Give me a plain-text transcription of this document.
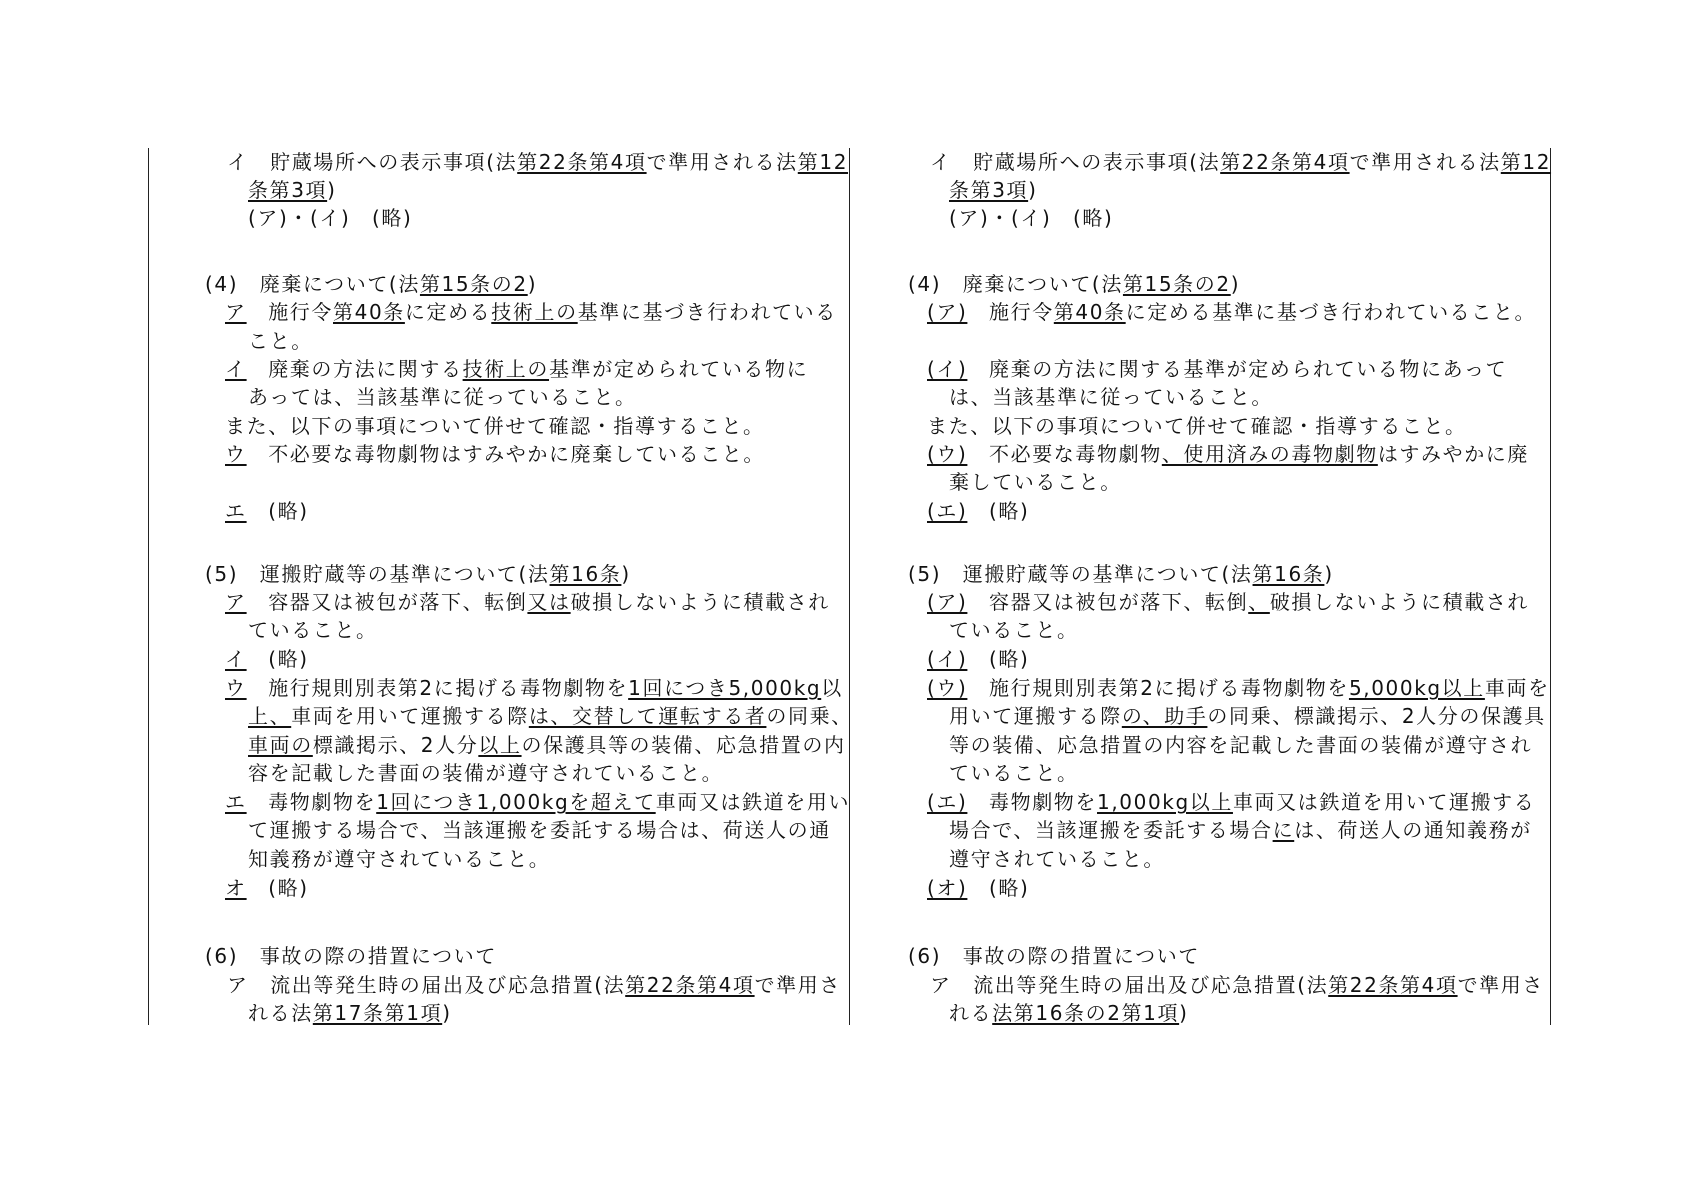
イ　貯蔵場所への表示事項(法第22条第4項で準用される法第12
条第3項)
(ア)・(イ)　(略)
(4)　廃棄について(法第15条の2)
ア　施行令第40条に定める技術上の基準に基づき行われている
こと。
イ　廃棄の方法に関する技術上の基準が定められている物に
あっては、当該基準に従っていること。
また、以下の事項について併せて確認・指導すること。
ウ　不必要な毒物劇物はすみやかに廃棄していること。
エ　(略)
(5)　運搬貯蔵等の基準について(法第16条)
ア　容器又は被包が落下、転倒又は破損しないように積載され
ていること。
イ　(略)
ウ　施行規則別表第2に掲げる毒物劇物を1回につき5,000kg以
上、車両を用いて運搬する際は、交替して運転する者の同乗、
車両の標識掲示、2人分以上の保護具等の装備、応急措置の内
容を記載した書面の装備が遵守されていること。
エ　毒物劇物を1回につき1,000kgを超えて車両又は鉄道を用い
て運搬する場合で、当該運搬を委託する場合は、荷送人の通
知義務が遵守されていること。
オ　(略)
(6)　事故の際の措置について
ア　流出等発生時の届出及び応急措置(法第22条第4項で準用さ
れる法第17条第1項)
イ　貯蔵場所への表示事項(法第22条第4項で準用される法第12
条第3項)
(ア)・(イ)　(略)
(4)　廃棄について(法第15条の2)
(ア)　施行令第40条に定める基準に基づき行われていること。
(イ)　廃棄の方法に関する基準が定められている物にあって
は、当該基準に従っていること。
また、以下の事項について併せて確認・指導すること。
(ウ)　不必要な毒物劇物、使用済みの毒物劇物はすみやかに廃
棄していること。
(エ)　(略)
(5)　運搬貯蔵等の基準について(法第16条)
(ア)　容器又は被包が落下、転倒、破損しないように積載され
ていること。
(イ)　(略)
(ウ)　施行規則別表第2に掲げる毒物劇物を5,000kg以上車両を
用いて運搬する際の、助手の同乗、標識掲示、2人分の保護具
等の装備、応急措置の内容を記載した書面の装備が遵守され
ていること。
(エ)　毒物劇物を1,000kg以上車両又は鉄道を用いて運搬する
場合で、当該運搬を委託する場合には、荷送人の通知義務が
遵守されていること。
(オ)　(略)
(6)　事故の際の措置について
ア　流出等発生時の届出及び応急措置(法第22条第4項で準用さ
れる法第16条の2第1項)
